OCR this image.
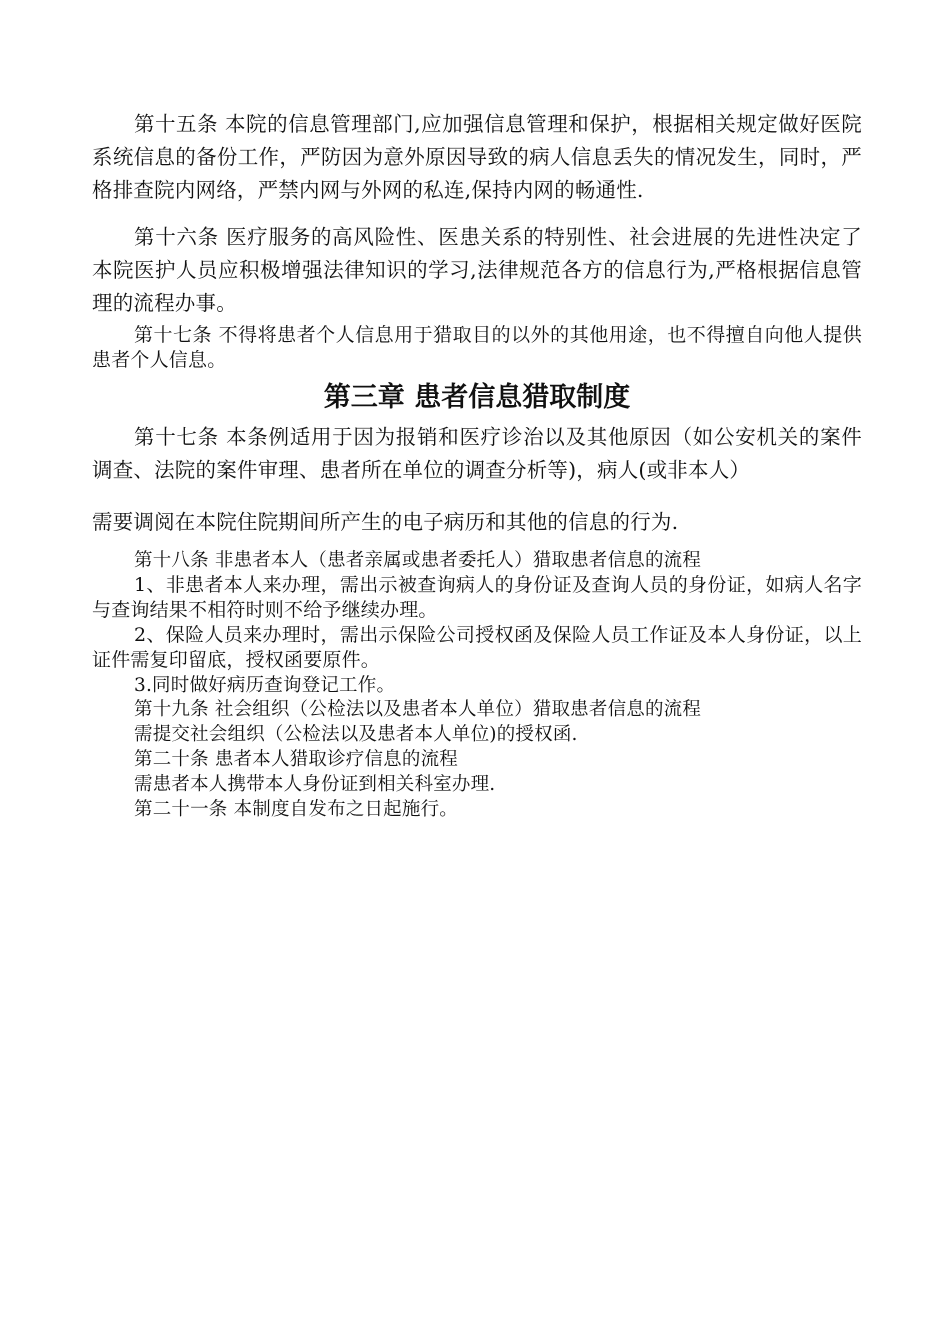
第十五条 本院的信息管理部门,应加强信息管理和保护，根据相关规定做好医院系统信息的备份工作，严防因为意外原因导致的病人信息丢失的情况发生，同时，严格排查院内网络，严禁内网与外网的私连,保持内网的畅通性.

第十六条 医疗服务的高风险性、医患关系的特别性、社会进展的先进性决定了本院医护人员应积极增强法律知识的学习,法律规范各方的信息行为,严格根据信息管理的流程办事。

第十七条 不得将患者个人信息用于猎取目的以外的其他用途，也不得擅自向他人提供患者个人信息。

第三章 患者信息猎取制度

第十七条 本条例适用于因为报销和医疗诊治以及其他原因（如公安机关的案件调查、法院的案件审理、患者所在单位的调查分析等)，病人(或非本人）

需要调阅在本院住院期间所产生的电子病历和其他的信息的行为.

第十八条 非患者本人（患者亲属或患者委托人）猎取患者信息的流程

1、非患者本人来办理，需出示被查询病人的身份证及查询人员的身份证，如病人名字与查询结果不相符时则不给予继续办理。

2、保险人员来办理时，需出示保险公司授权函及保险人员工作证及本人身份证，以上证件需复印留底，授权函要原件。

3.同时做好病历查询登记工作。

第十九条 社会组织（公检法以及患者本人单位）猎取患者信息的流程

需提交社会组织（公检法以及患者本人单位)的授权函.

第二十条 患者本人猎取诊疗信息的流程

需患者本人携带本人身份证到相关科室办理.

第二十一条 本制度自发布之日起施行。
